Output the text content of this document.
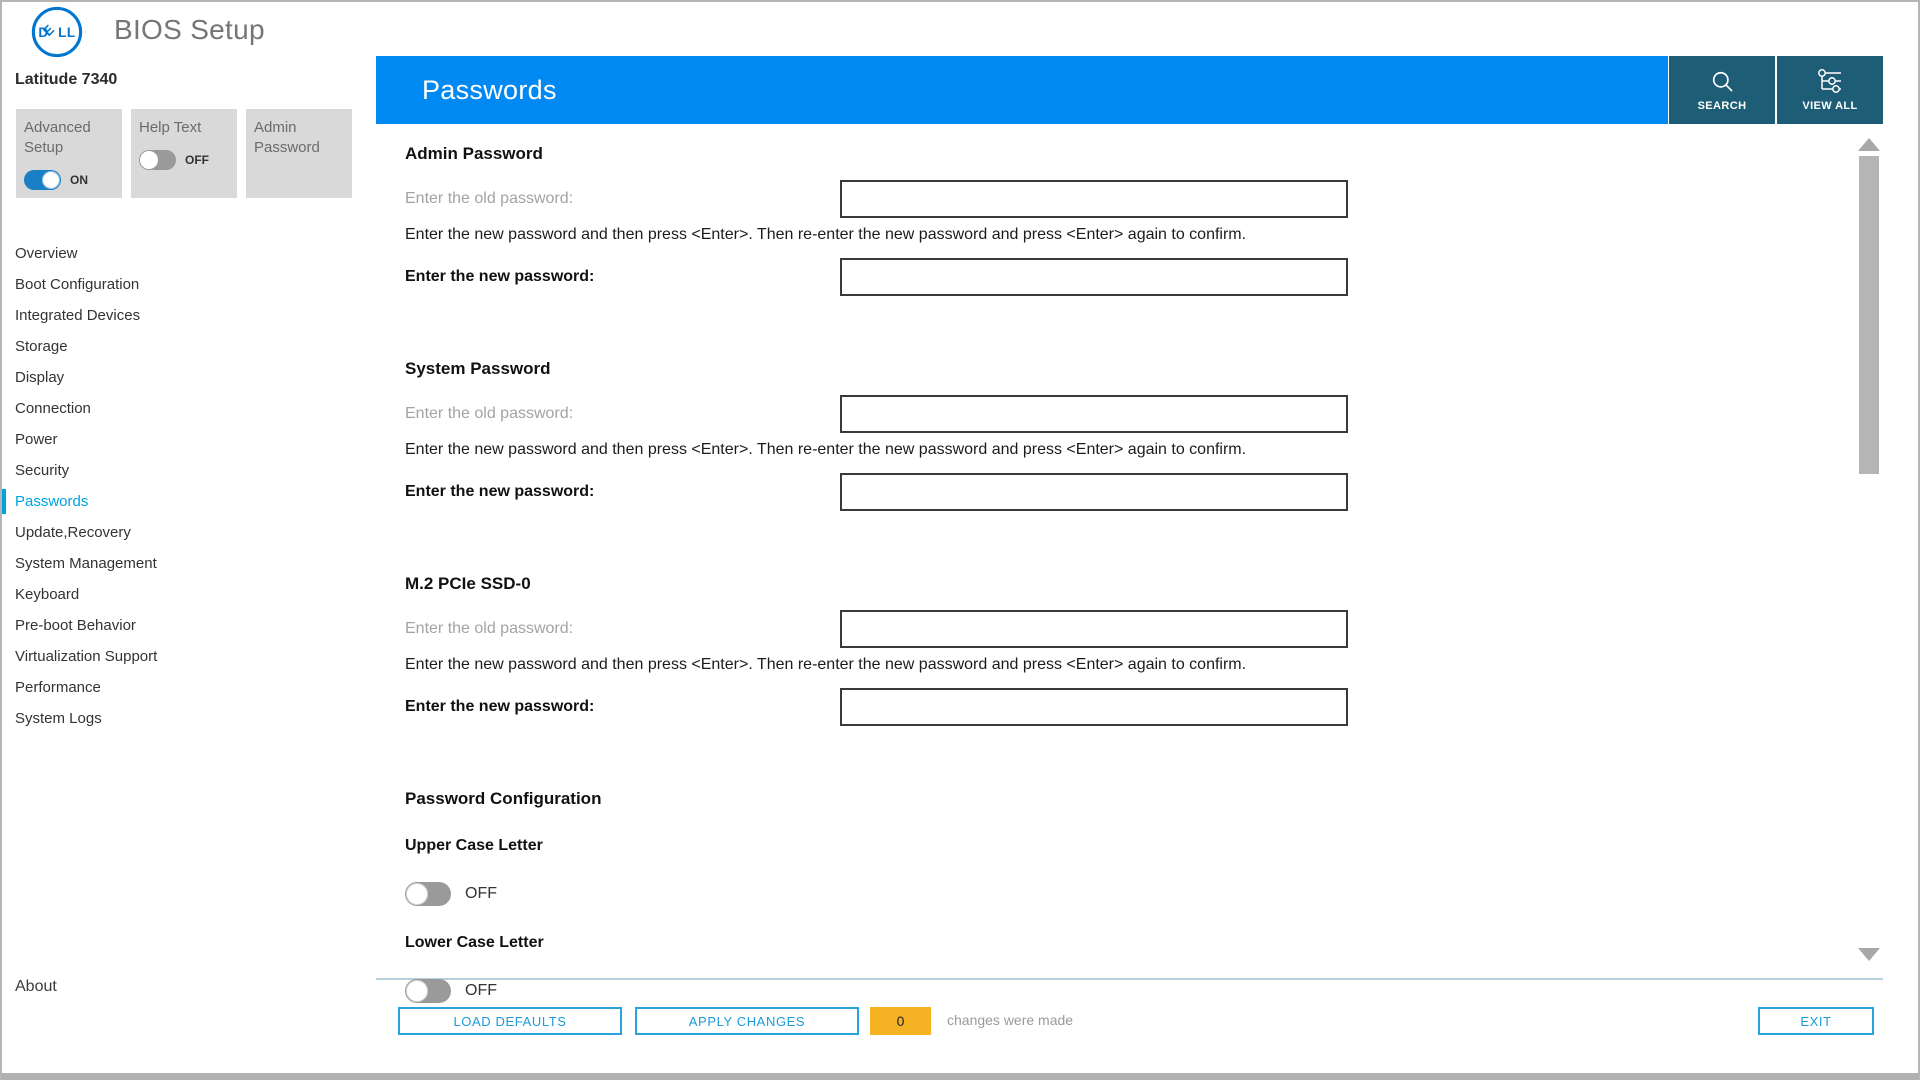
DELL BIOS Setup
Latitude 7340
Advanced Setup
ON
Help Text
OFF
Admin Password
Overview
Boot Configuration
Integrated Devices
Storage
Display
Connection
Power
Security
Passwords
Update,Recovery
System Management
Keyboard
Pre-boot Behavior
Virtualization Support
Performance
System Logs
About
Passwords
SEARCH	VIEW ALL
Admin Password
Enter the old password:
Enter the new password and then press <Enter>. Then re-enter the new password and press <Enter> again to confirm.
Enter the new password:
System Password
Enter the old password:
Enter the new password and then press <Enter>. Then re-enter the new password and press <Enter> again to confirm.
Enter the new password:
M.2 PCIe SSD-0
Enter the old password:
Enter the new password and then press <Enter>. Then re-enter the new password and press <Enter> again to confirm.
Enter the new password:
Password Configuration
Upper Case Letter
OFF
Lower Case Letter
OFF
LOAD DEFAULTS	APPLY CHANGES	0	changes were made	EXIT
